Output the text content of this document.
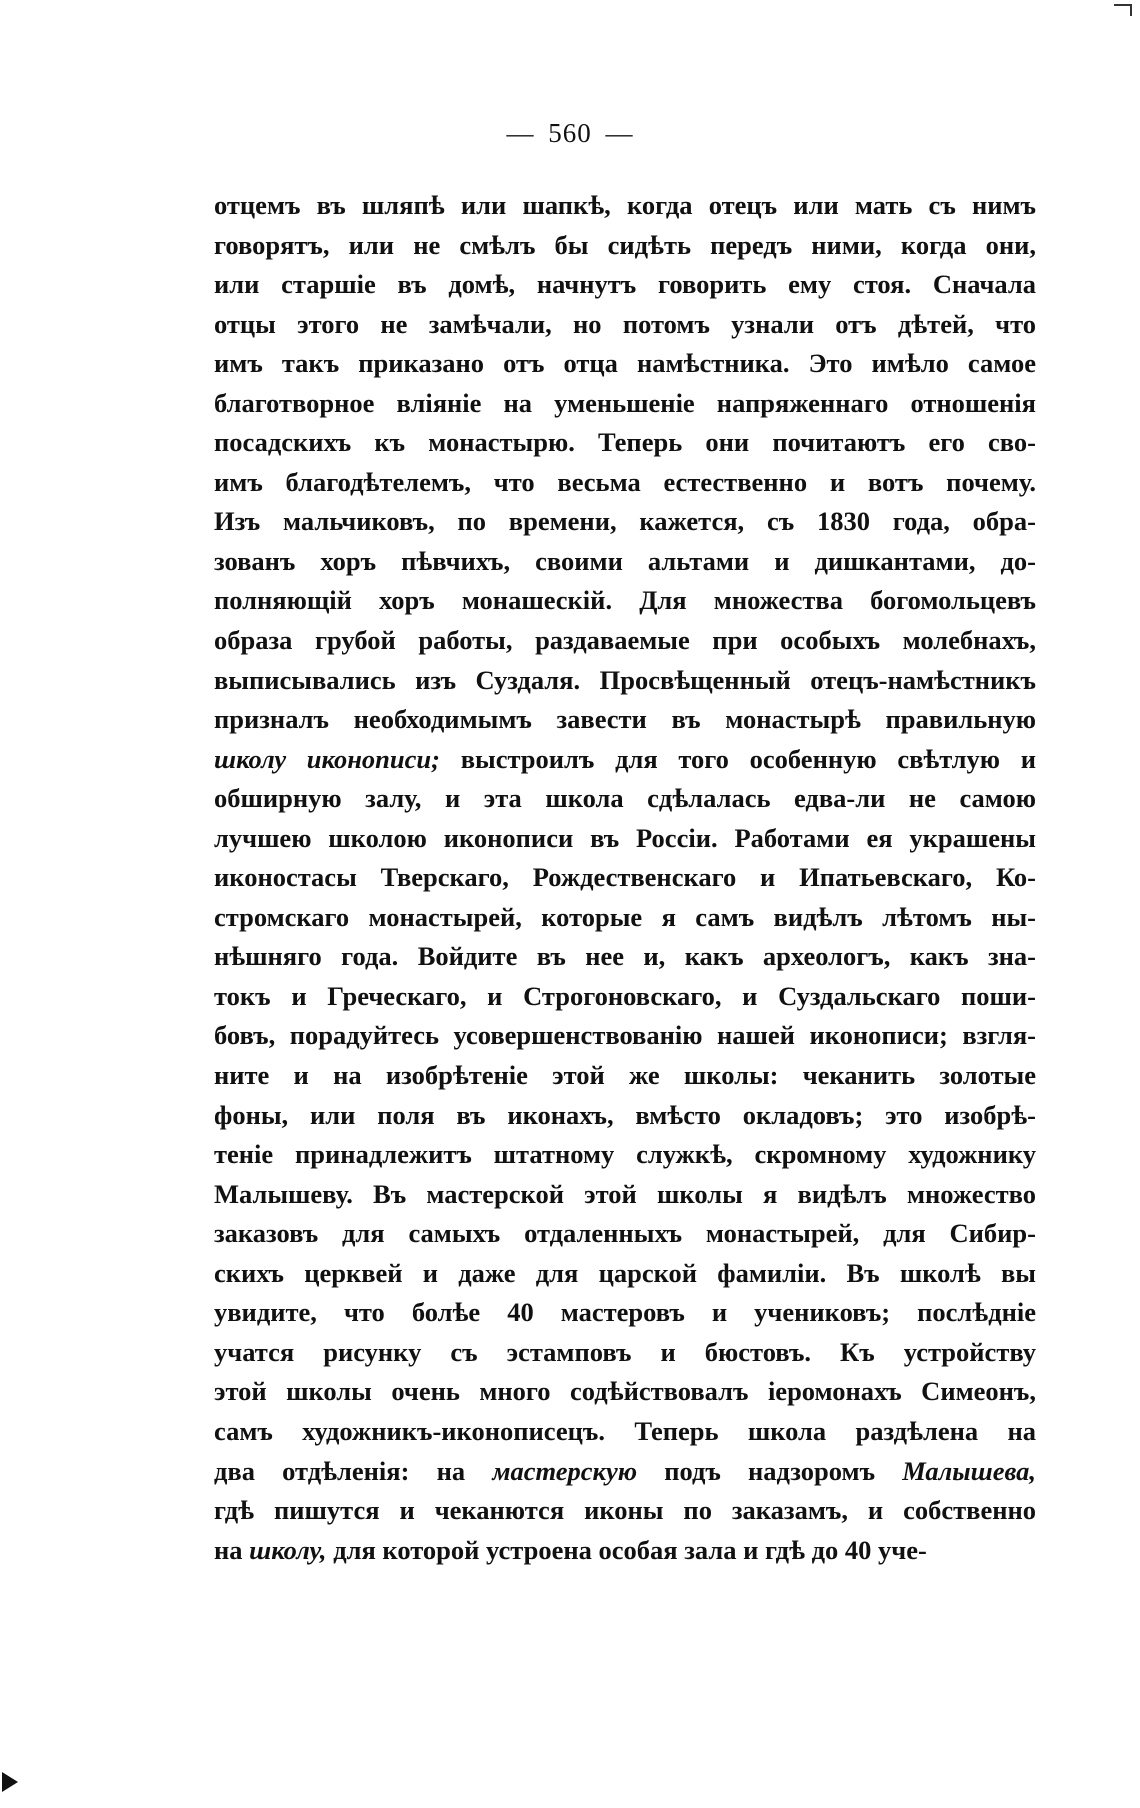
— 560 —
отцемъ въ шляпѣ или шапкѣ, когда отецъ или мать съ нимъ
говорятъ, или не смѣлъ бы сидѣть передъ ними, когда они,
или старшіе въ домѣ, начнутъ говорить ему стоя. Сначала
отцы этого не замѣчали, но потомъ узнали отъ дѣтей, что
имъ такъ приказано отъ отца намѣстника. Это имѣло самое
благотворное вліяніе на уменьшеніе напряженнаго отношенія
посадскихъ къ монастырю. Теперь они почитаютъ его сво-
имъ благодѣтелемъ, что весьма естественно и вотъ почему.
Изъ мальчиковъ, по времени, кажется, съ 1830 года, обра-
зованъ хоръ пѣвчихъ, своими альтами и дишкантами, до-
полняющій хоръ монашескій. Для множества богомольцевъ
образа грубой работы, раздаваемые при особыхъ молебнахъ,
выписывались изъ Суздаля. Просвѣщенный отецъ-намѣстникъ
призналъ необходимымъ завести въ монастырѣ правильную
школу иконописи; выстроилъ для того особенную свѣтлую и
обширную залу, и эта школа сдѣлалась едва-ли не самою
лучшею школою иконописи въ Россіи. Работами ея украшены
иконостасы Тверскаго, Рождественскаго и Ипатьевскаго, Ко-
стромскаго монастырей, которые я самъ видѣлъ лѣтомъ ны-
нѣшняго года. Войдите въ нее и, какъ археологъ, какъ зна-
токъ и Греческаго, и Строгоновскаго, и Суздальскаго поши-
бовъ, порадуйтесь усовершенствованію нашей иконописи; взгля-
ните и на изобрѣтеніе этой же школы: чеканить золотые
фоны, или поля въ иконахъ, вмѣсто окладовъ; это изобрѣ-
теніе принадлежитъ штатному служкѣ, скромному художнику
Малышеву. Въ мастерской этой школы я видѣлъ множество
заказовъ для самыхъ отдаленныхъ монастырей, для Сибир-
скихъ церквей и даже для царской фамиліи. Въ школѣ вы
увидите, что болѣе 40 мастеровъ и учениковъ; послѣдніе
учатся рисунку съ эстамповъ и бюстовъ. Къ устройству
этой школы очень много содѣйствовалъ іеромонахъ Симеонъ,
самъ художникъ-иконописецъ. Теперь школа раздѣлена на
два отдѣленія: на мастерскую подъ надзоромъ Малышева,
гдѣ пишутся и чеканются иконы по заказамъ, и собственно
на школу, для которой устроена особая зала и гдѣ до 40 уче-
